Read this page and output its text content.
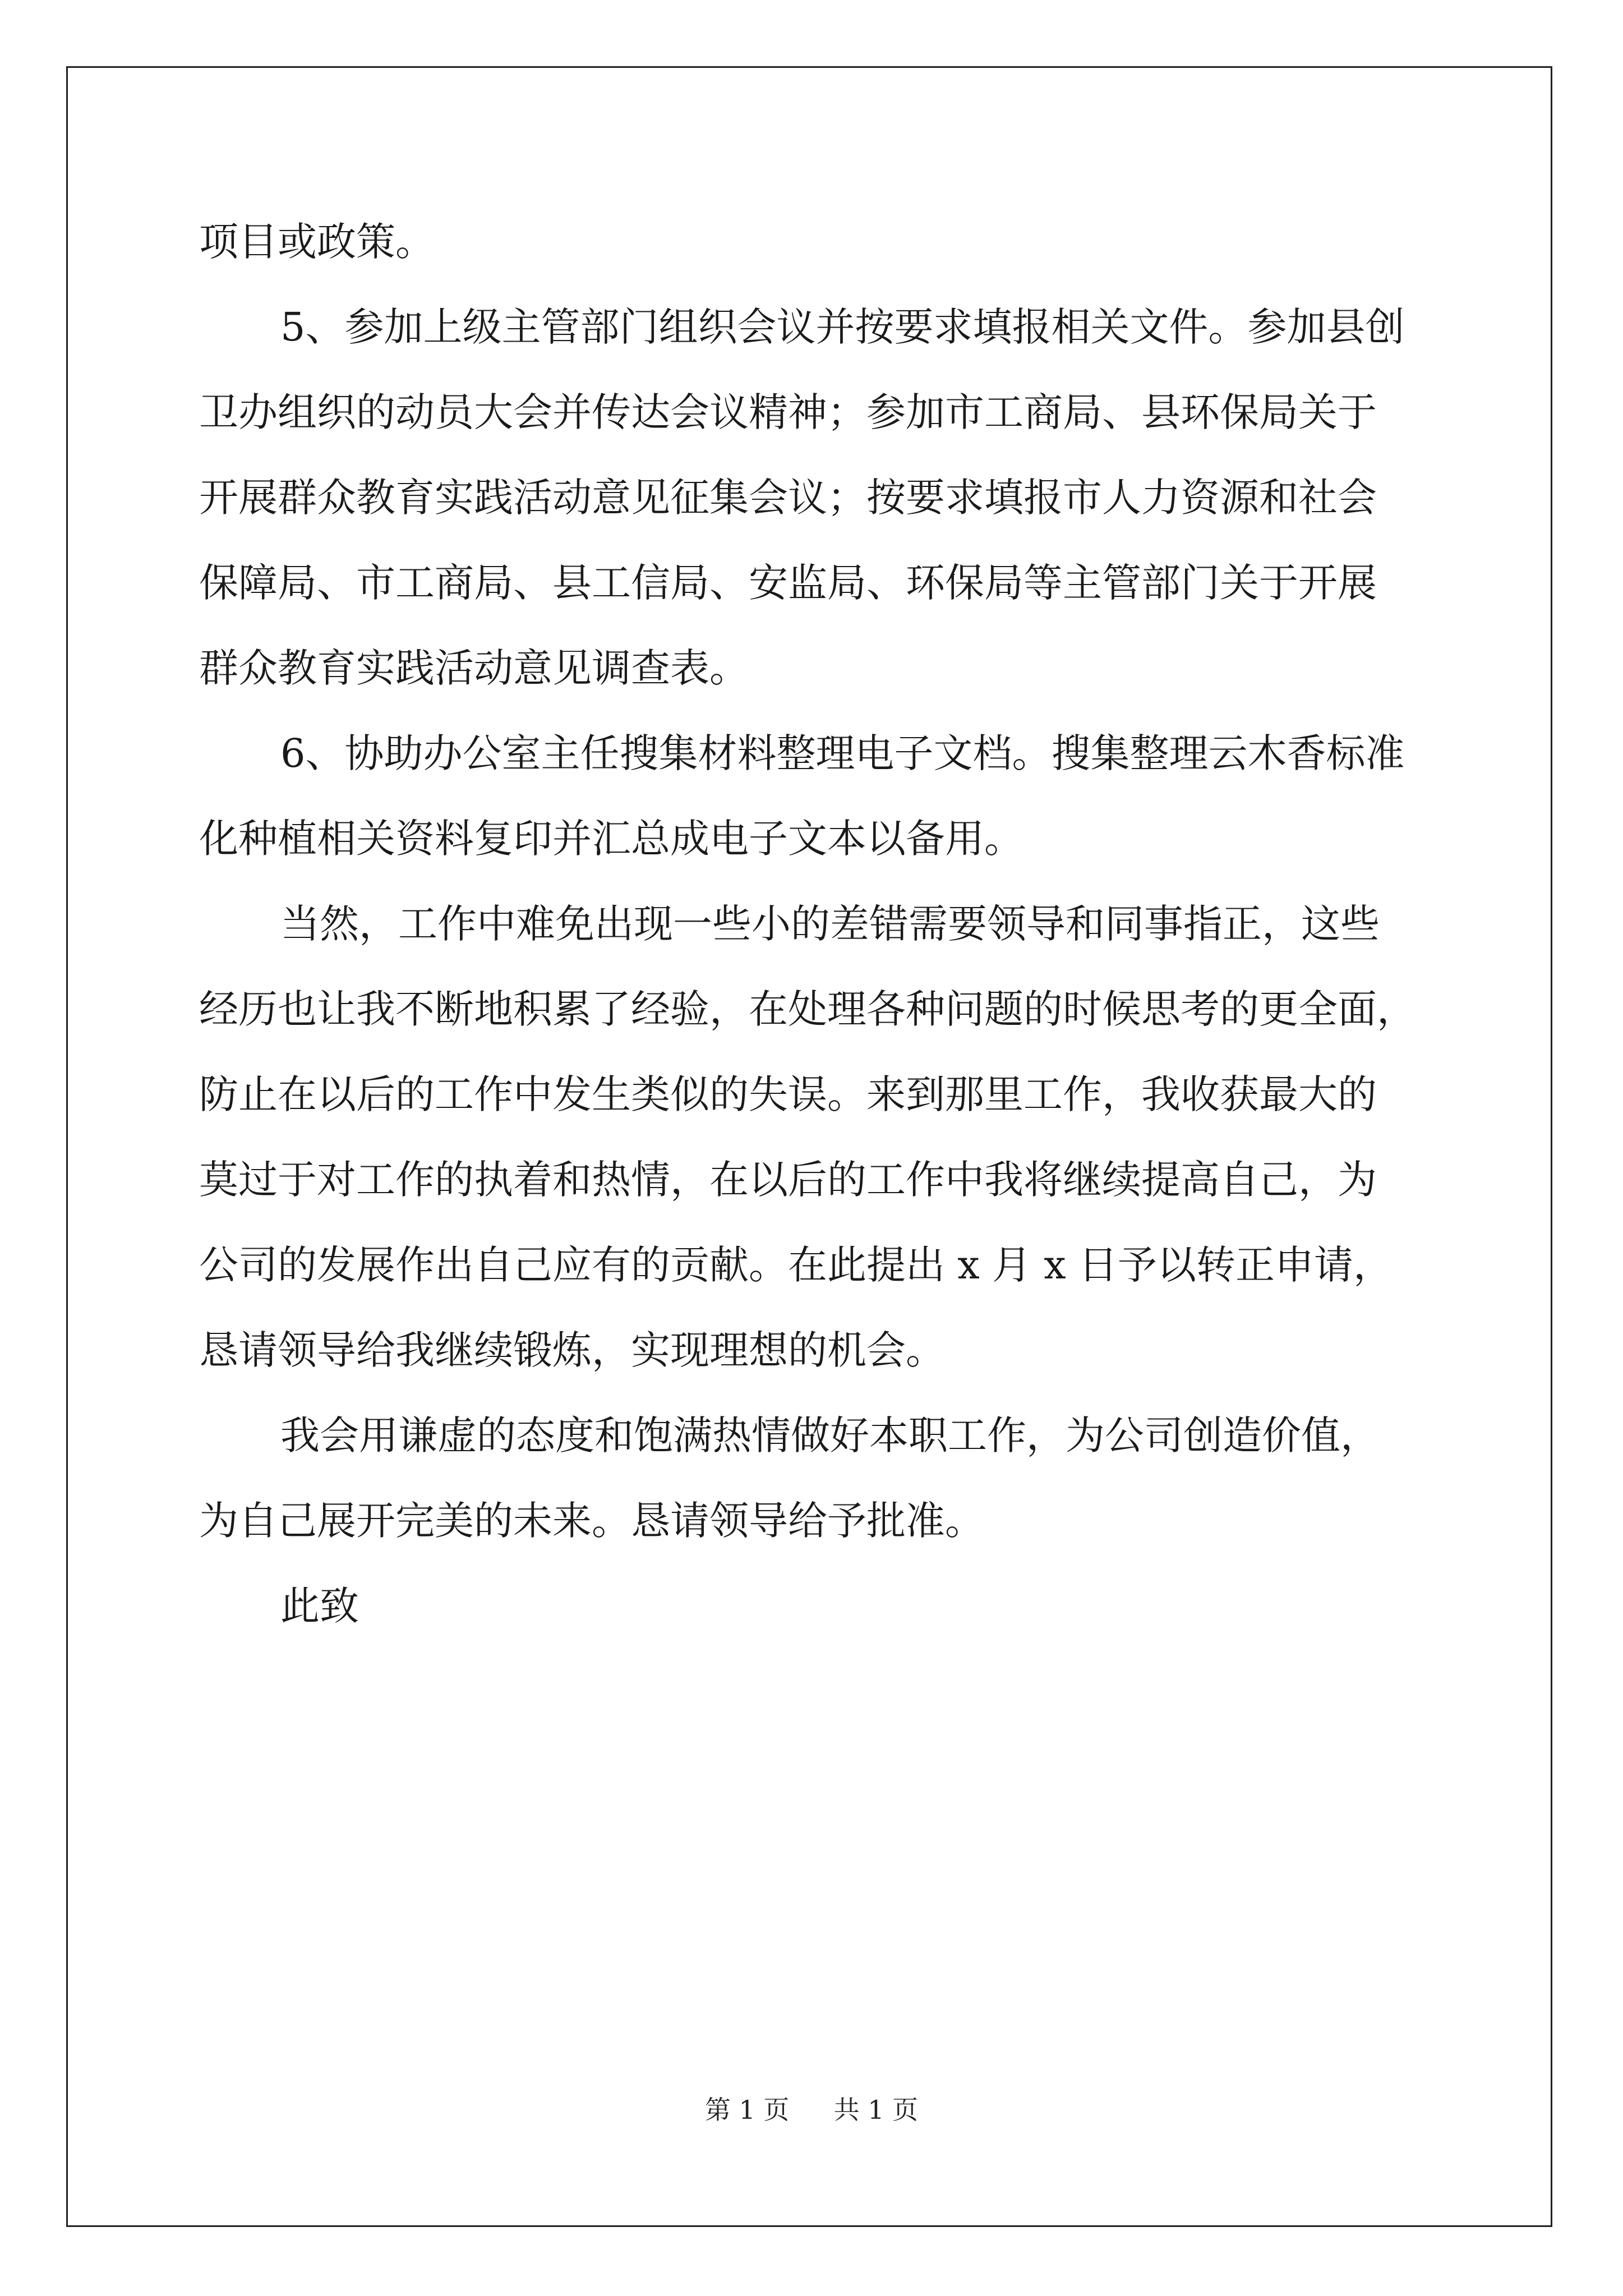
项目或政策。
5、参加上级主管部门组织会议并按要求填报相关文件。参加县创
卫办组织的动员大会并传达会议精神；参加市工商局、县环保局关于
开展群众教育实践活动意见征集会议；按要求填报市人力资源和社会
保障局、市工商局、县工信局、安监局、环保局等主管部门关于开展
群众教育实践活动意见调查表。
6、协助办公室主任搜集材料整理电子文档。搜集整理云木香标准
化种植相关资料复印并汇总成电子文本以备用。
当然，工作中难免出现一些小的差错需要领导和同事指正，这些
经历也让我不断地积累了经验，在处理各种问题的时候思考的更全面，
防止在以后的工作中发生类似的失误。来到那里工作，我收获最大的
莫过于对工作的执着和热情，在以后的工作中我将继续提高自己，为
公司的发展作出自己应有的贡献。在此提出 x 月 x 日予以转正申请，
恳请领导给我继续锻炼，实现理想的机会。
我会用谦虚的态度和饱满热情做好本职工作，为公司创造价值，
为自己展开完美的未来。恳请领导给予批准。
此致
第 1 页 共 1 页
